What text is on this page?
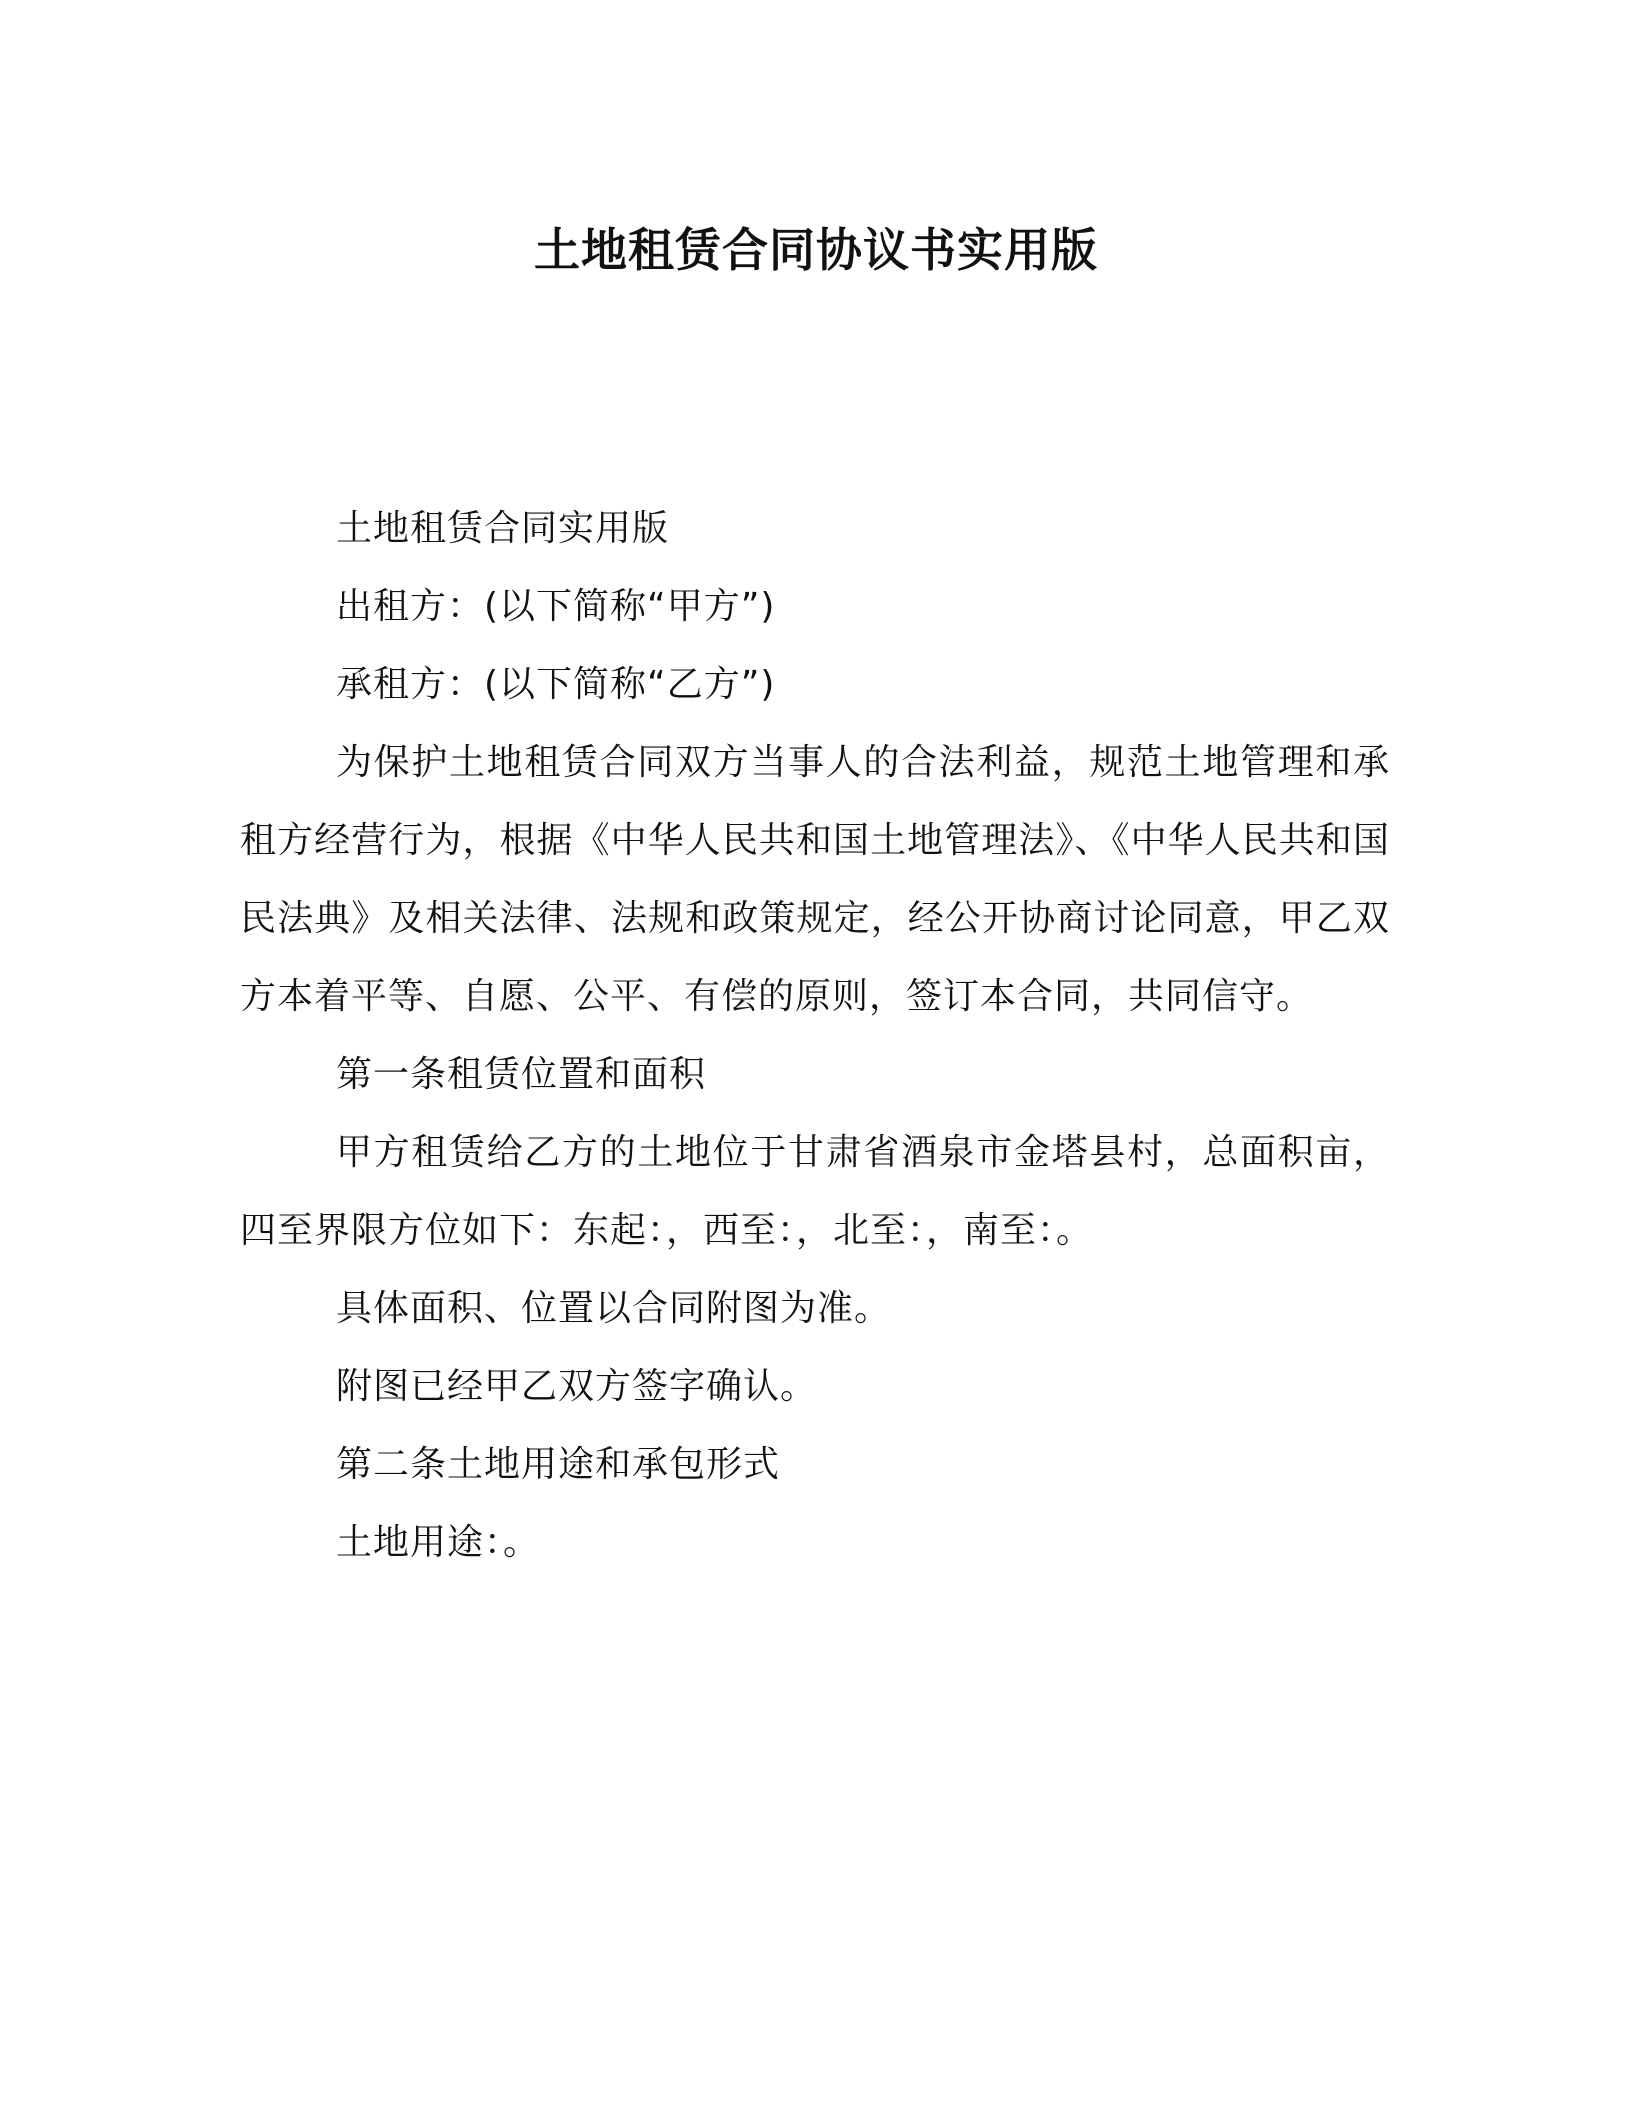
土地租赁合同协议书实用版

土地租赁合同实用版

出租方：(以下简称“甲方”)

承租方：(以下简称“乙方”)

为保护土地租赁合同双方当事人的合法利益，规范土地管理和承租方经营行为，根据《中华人民共和国土地管理法》、《中华人民共和国民法典》及相关法律、法规和政策规定，经公开协商讨论同意，甲乙双方本着平等、自愿、公平、有偿的原则，签订本合同，共同信守。

第一条租赁位置和面积

甲方租赁给乙方的土地位于甘肃省酒泉市金塔县村，总面积亩，四至界限方位如下：东起：，西至：，北至：，南至：。

具体面积、位置以合同附图为准。

附图已经甲乙双方签字确认。

第二条土地用途和承包形式

土地用途：。
